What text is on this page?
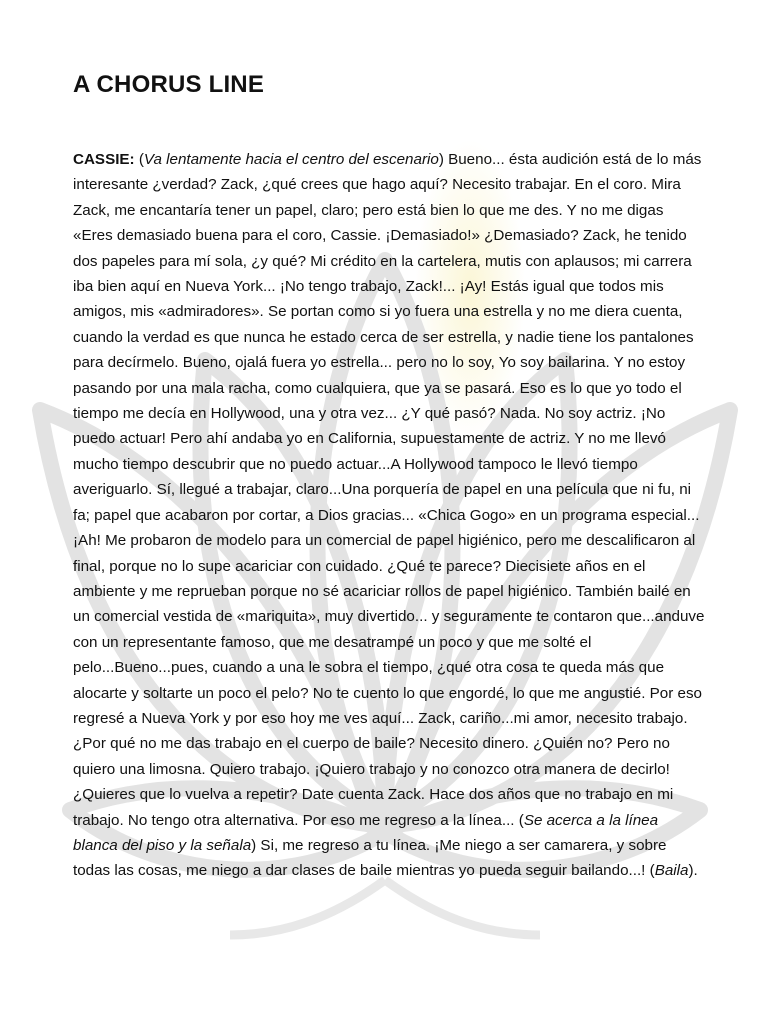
A CHORUS LINE

CASSIE: (Va lentamente hacia el centro del escenario) Bueno... ésta audición está de lo más interesante ¿verdad? Zack, ¿qué crees que hago aquí? Necesito trabajar. En el coro. Mira Zack, me encantaría tener un papel, claro; pero está bien lo que me des. Y no me digas «Eres demasiado buena para el coro, Cassie. ¡Demasiado!» ¿Demasiado? Zack, he tenido dos papeles para mí sola, ¿y qué? Mi crédito en la cartelera, mutis con aplausos; mi carrera iba bien aquí en Nueva York... ¡No tengo trabajo, Zack!... ¡Ay! Estás igual que todos mis amigos, mis «admiradores». Se portan como si yo fuera una estrella y no me diera cuenta, cuando la verdad es que nunca he estado cerca de ser estrella, y nadie tiene los pantalones para decírmelo. Bueno, ojalá fuera yo estrella... pero no lo soy, Yo soy bailarina. Y no estoy pasando por una mala racha, como cualquiera, que ya se pasará. Eso es lo que yo todo el tiempo me decía en Hollywood, una y otra vez... ¿Y qué pasó? Nada. No soy actriz. ¡No puedo actuar! Pero ahí andaba yo en California, supuestamente de actriz. Y no me llevó mucho tiempo descubrir que no puedo actuar...A Hollywood tampoco le llevó tiempo averiguarlo. Sí, llegué a trabajar, claro...Una porquería de papel en una película que ni fu, ni fa; papel que acabaron por cortar, a Dios gracias... «Chica Gogo» en un programa especial... ¡Ah! Me probaron de modelo para un comercial de papel higiénico, pero me descalificaron al final, porque no lo supe acariciar con cuidado. ¿Qué te parece? Diecisiete años en el ambiente y me reprueban porque no sé acariciar rollos de papel higiénico. También bailé en un comercial vestida de «mariquita», muy divertido... y seguramente te contaron que...anduve con un representante famoso, que me desatrampé un poco y que me solté el pelo...Bueno...pues, cuando a una le sobra el tiempo, ¿qué otra cosa te queda más que alocarte y soltarte un poco el pelo? No te cuento lo que engordé, lo que me angustié. Por eso regresé a Nueva York y por eso hoy me ves aquí... Zack, cariño...mi amor, necesito trabajo. ¿Por qué no me das trabajo en el cuerpo de baile? Necesito dinero. ¿Quién no? Pero no quiero una limosna. Quiero trabajo. ¡Quiero trabajo y no conozco otra manera de decirlo! ¿Quieres que lo vuelva a repetir? Date cuenta Zack. Hace dos años que no trabajo en mi trabajo. No tengo otra alternativa. Por eso me regreso a la línea... (Se acerca a la línea blanca del piso y la señala) Si, me regreso a tu línea. ¡Me niego a ser camarera, y sobre todas las cosas, me niego a dar clases de baile mientras yo pueda seguir bailando...! (Baila).
